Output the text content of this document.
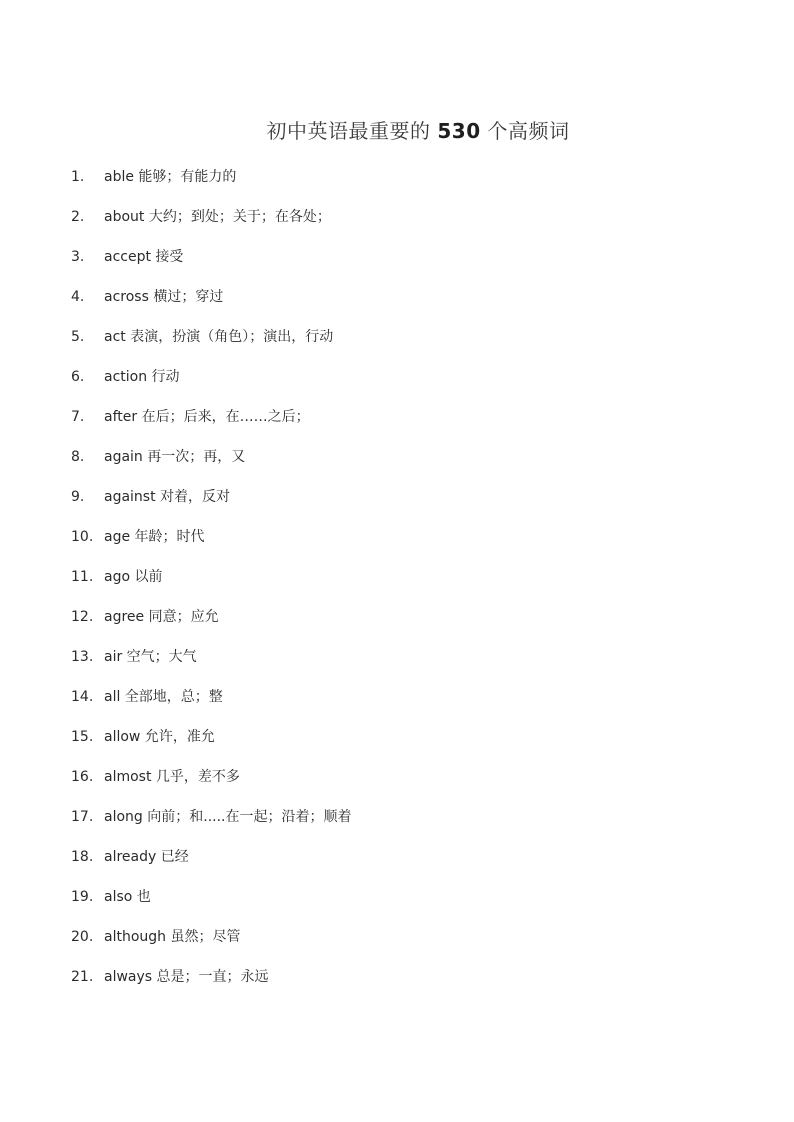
初中英语最重要的 530 个高频词
1. able 能够；有能力的
2. about 大约；到处；关于；在各处；
3. accept 接受
4. across 横过；穿过
5. act 表演，扮演（角色）；演出，行动
6. action 行动
7. after 在后；后来，在……之后；
8. again 再一次；再，又
9. against 对着，反对
10. age 年龄；时代
11. ago 以前
12. agree 同意；应允
13. air 空气；大气
14. all 全部地，总；整
15. allow 允许，准允
16. almost 几乎，差不多
17. along 向前；和.....在一起；沿着；顺着
18. already 已经
19. also 也
20. although 虽然；尽管
21. always 总是；一直；永远
